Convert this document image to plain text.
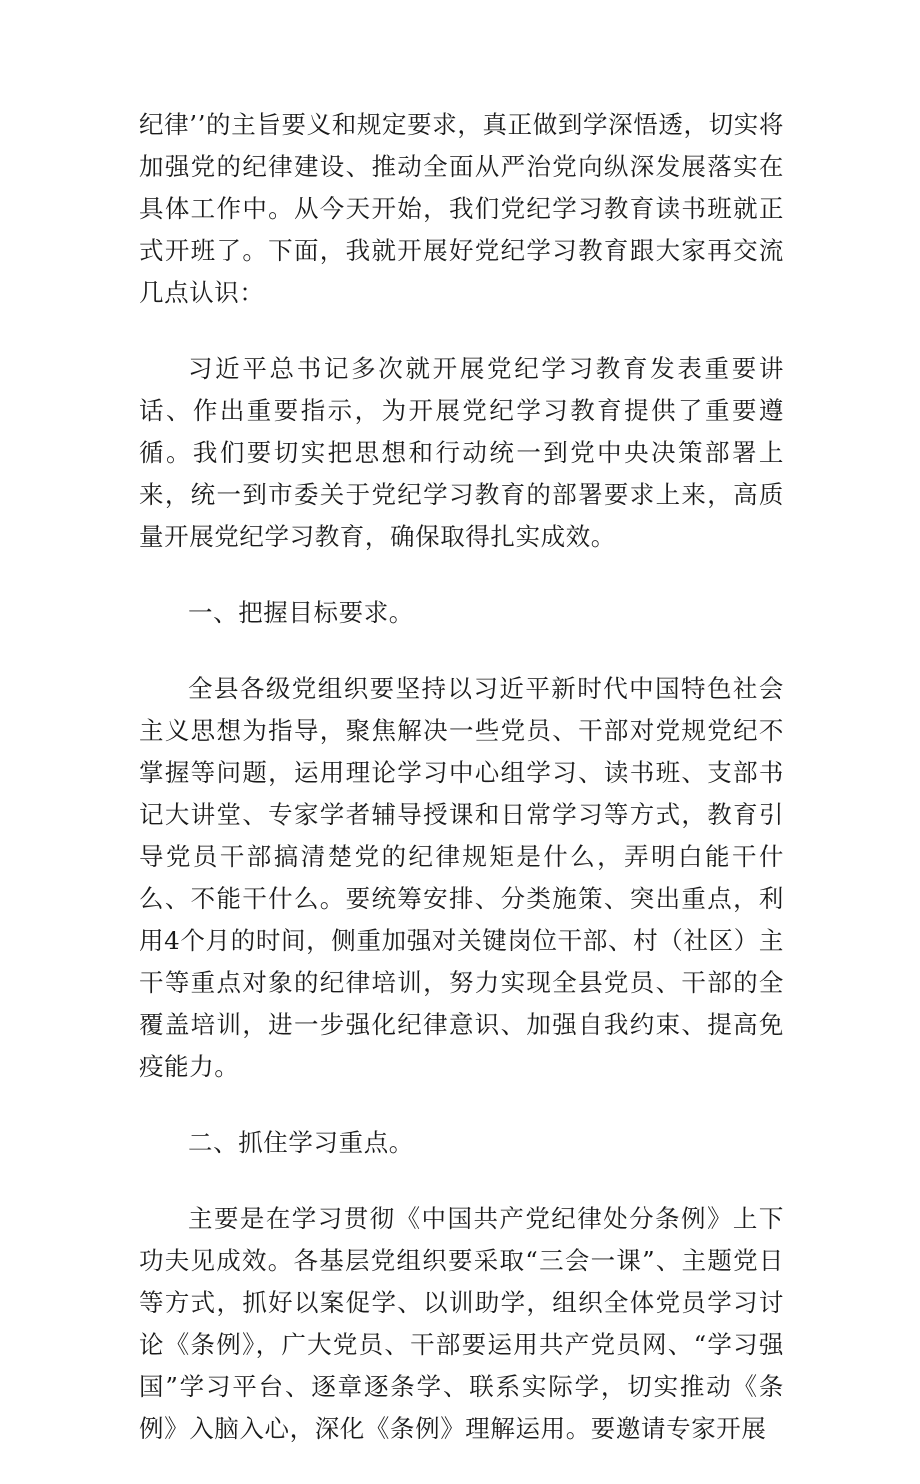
纪律’’的主旨要义和规定要求，真正做到学深悟透，切实将加强党的纪律建设、推动全面从严治党向纵深发展落实在具体工作中。从今天开始，我们党纪学习教育读书班就正式开班了。下面，我就开展好党纪学习教育跟大家再交流几点认识：

习近平总书记多次就开展党纪学习教育发表重要讲话、作出重要指示，为开展党纪学习教育提供了重要遵循。我们要切实把思想和行动统一到党中央决策部署上来，统一到市委关于党纪学习教育的部署要求上来，高质量开展党纪学习教育，确保取得扎实成效。

一、把握目标要求。

全县各级党组织要坚持以习近平新时代中国特色社会主义思想为指导，聚焦解决一些党员、干部对党规党纪不掌握等问题，运用理论学习中心组学习、读书班、支部书记大讲堂、专家学者辅导授课和日常学习等方式，教育引导党员干部搞清楚党的纪律规矩是什么，弄明白能干什么、不能干什么。要统筹安排、分类施策、突出重点，利用4个月的时间，侧重加强对关键岗位干部、村（社区）主干等重点对象的纪律培训，努力实现全县党员、干部的全覆盖培训，进一步强化纪律意识、加强自我约束、提高免疫能力。

二、抓住学习重点。

主要是在学习贯彻《中国共产党纪律处分条例》上下功夫见成效。各基层党组织要采取“三会一课”、主题党日等方式，抓好以案促学、以训助学，组织全体党员学习讨论《条例》，广大党员、干部要运用共产党员网、“学习强国”学习平台、逐章逐条学、联系实际学，切实推动《条例》入脑入心，深化《条例》理解运用。要邀请专家开展
